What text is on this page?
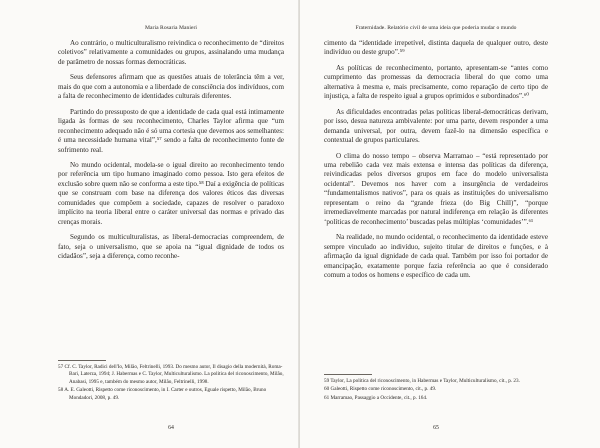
Maria Rosaria Manieri

Ao contrário, o multiculturalismo reivindica o reconhecimento de “direitos coletivos” relativamente a comunidades ou grupos, assinalando uma mudança de parâmetro de nossas formas democráticas.

Seus defensores afirmam que as questões atuais de tolerância têm a ver, mais do que com a autonomia e a liberdade de consciência dos indivíduos, com a falta de reconhecimento de identidades culturais diferentes.

Partindo do pressuposto de que a identidade de cada qual está intimamente ligada às formas de seu reconhecimento, Charles Taylor afirma que “um reconhecimento adequado não é só uma cortesia que devemos aos semelhantes: é uma necessidade humana vital”,⁵⁷ sendo a falta de reconhecimento fonte de sofrimento real.

No mundo ocidental, modela-se o igual direito ao reconhecimento tendo por referência um tipo humano imaginado como pessoa. Isto gera efeitos de exclusão sobre quem não se conforma a este tipo.⁵⁸ Daí a exigência de políticas que se construam com base na diferença dos valores éticos das diversas comunidades que compõem a sociedade, capazes de resolver o paradoxo implícito na teoria liberal entre o caráter universal das normas e privado das crenças morais.

Segundo os multiculturalistas, as liberal-democracias compreendem, de fato, seja o universalismo, que se apoia na “igual dignidade de todos os cidadãos”, seja a diferença, como reconhe-

57 Cf. C. Taylor, Radici dell'Io, Milão, Feltrinelli, 1993. Do mesmo autor, Il disagio della modernità, Roma-Bari, Laterza, 1994; J. Habermas e C. Taylor, Multiculturalismo. La politica del riconoscimento, Milão, Anabasi, 1995 e, também do mesmo autor, Milão, Feltrinelli, 1998.
58 A. E. Galeotti, Rispetto come riconoscimento, in I. Carter e outros, Eguale rispetto, Milão, Bruno Mondadori, 2008, p. 49.
64
Fraternidade. Relatório civil de uma ideia que poderia mudar o mundo

cimento da “identidade irrepetível, distinta daquela de qualquer outro, deste indivíduo ou deste grupo”.⁵⁹

As políticas de reconhecimento, portanto, apresentam-se “antes como cumprimento das promessas da democracia liberal do que como uma alternativa à mesma e, mais precisamente, como reparação de certo tipo de injustiça, a falta de respeito igual a grupos oprimidos e subordinados”.⁶⁰

As dificuldades encontradas pelas políticas liberal-democráticas derivam, por isso, desua natureza ambivalente: por uma parte, devem responder a uma demanda universal, por outra, devem fazê-lo na dimensão específica e contextual de grupos particulares.

O clima do nosso tempo – observa Marramao – “está representado por uma rebelião cada vez mais extensa e intensa das políticas da diferença, reivindicadas pelos diversos grupos em face do modelo universalista ocidental”. Devemos nos haver com a insurgência de verdadeiros “fundamentalismos nativos”, para os quais as instituições do universalismo representam o reino da “grande frieza (do Big Chill)”, “porque irremediavelmente marcadas por natural indiferença em relação às diferentes ‘políticas de reconhecimento’ buscadas pelas múltiplas ‘comunidades’”.⁶¹

Na realidade, no mundo ocidental, o reconhecimento da identidade esteve sempre vinculado ao indivíduo, sujeito titular de direitos e funções, e à afirmação da igual dignidade de cada qual. Também por isso foi portador de emancipação, exatamente porque fazia referência ao que é considerado comum a todos os homens e específico de cada um.

59 Taylor, La politica del riconoscimento, in Habermas e Taylor, Multiculturalismo, cit., p. 23.
60 Galeotti, Rispetto come riconoscimento, cit., p. 49.
61 Marramao, Passaggio a Occidente, cit., p. 164.
65
